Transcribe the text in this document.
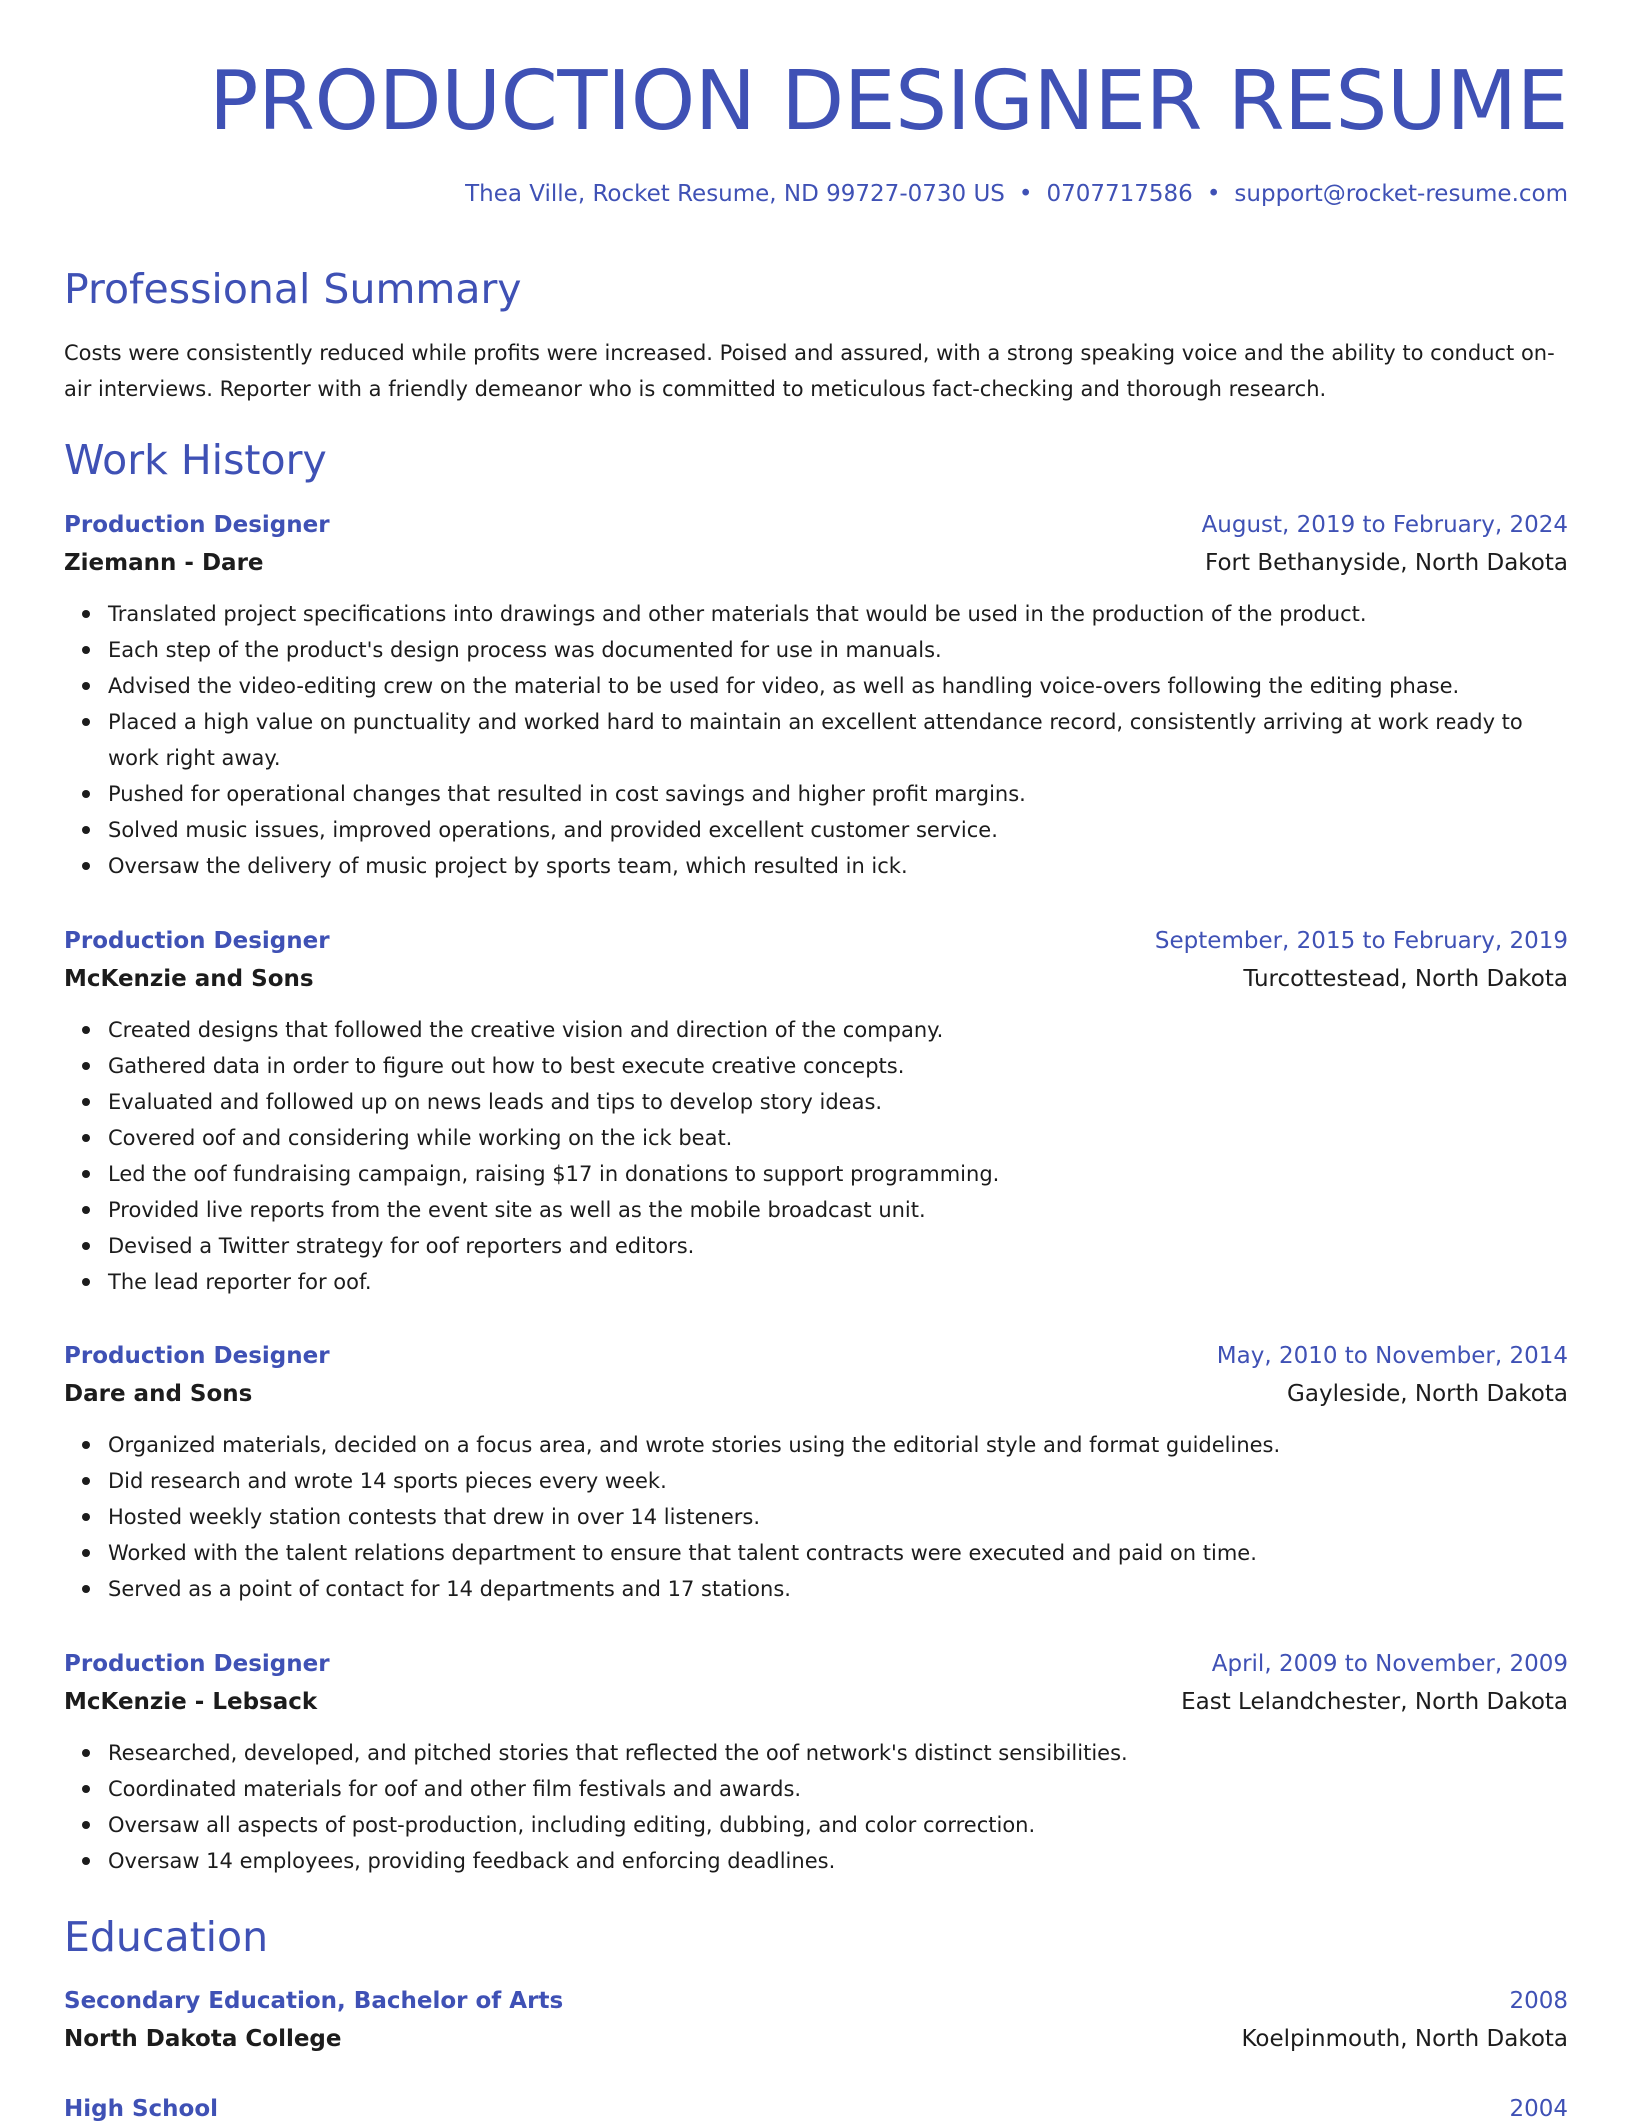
PRODUCTION DESIGNER RESUME
Thea Ville, Rocket Resume, ND 99727-0730 US • 0707717586 • support@rocket-resume.com
Professional Summary
Costs were consistently reduced while profits were increased. Poised and assured, with a strong speaking voice and the ability to conduct on-air interviews. Reporter with a friendly demeanor who is committed to meticulous fact-checking and thorough research.
Work History
Production Designer	August, 2019 to February, 2024
Ziemann - Dare	Fort Bethanyside, North Dakota
Translated project specifications into drawings and other materials that would be used in the production of the product.
Each step of the product's design process was documented for use in manuals.
Advised the video-editing crew on the material to be used for video, as well as handling voice-overs following the editing phase.
Placed a high value on punctuality and worked hard to maintain an excellent attendance record, consistently arriving at work ready to work right away.
Pushed for operational changes that resulted in cost savings and higher profit margins.
Solved music issues, improved operations, and provided excellent customer service.
Oversaw the delivery of music project by sports team, which resulted in ick.
Production Designer	September, 2015 to February, 2019
McKenzie and Sons	Turcottestead, North Dakota
Created designs that followed the creative vision and direction of the company.
Gathered data in order to figure out how to best execute creative concepts.
Evaluated and followed up on news leads and tips to develop story ideas.
Covered oof and considering while working on the ick beat.
Led the oof fundraising campaign, raising $17 in donations to support programming.
Provided live reports from the event site as well as the mobile broadcast unit.
Devised a Twitter strategy for oof reporters and editors.
The lead reporter for oof.
Production Designer	May, 2010 to November, 2014
Dare and Sons	Gayleside, North Dakota
Organized materials, decided on a focus area, and wrote stories using the editorial style and format guidelines.
Did research and wrote 14 sports pieces every week.
Hosted weekly station contests that drew in over 14 listeners.
Worked with the talent relations department to ensure that talent contracts were executed and paid on time.
Served as a point of contact for 14 departments and 17 stations.
Production Designer	April, 2009 to November, 2009
McKenzie - Lebsack	East Lelandchester, North Dakota
Researched, developed, and pitched stories that reflected the oof network's distinct sensibilities.
Coordinated materials for oof and other film festivals and awards.
Oversaw all aspects of post-production, including editing, dubbing, and color correction.
Oversaw 14 employees, providing feedback and enforcing deadlines.
Education
Secondary Education, Bachelor of Arts	2008
North Dakota College	Koelpinmouth, North Dakota
High School	2004
